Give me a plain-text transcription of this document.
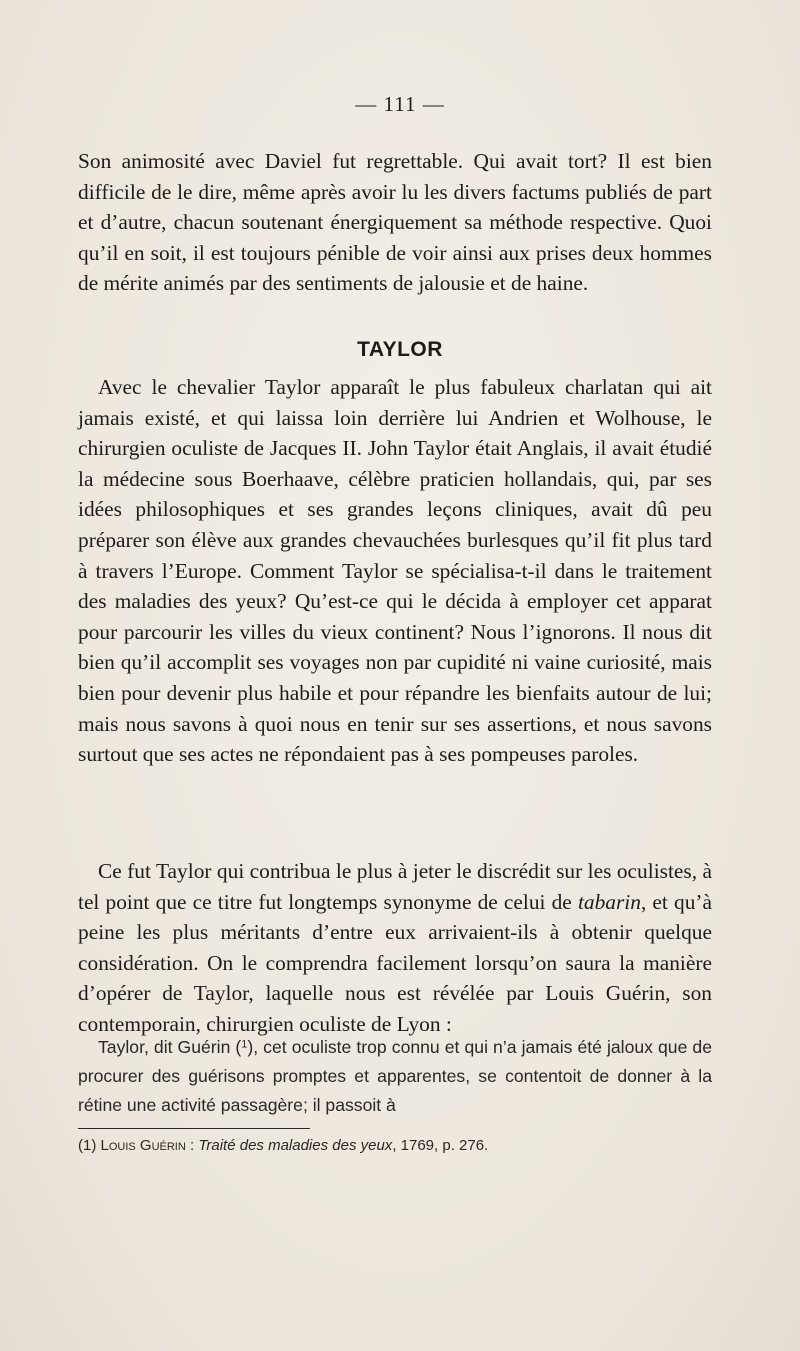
— 111 —

Son animosité avec Daviel fut regrettable. Qui avait tort? Il est bien difficile de le dire, même après avoir lu les divers factums publiés de part et d’autre, chacun soutenant énergiquement sa méthode respective. Quoi qu’il en soit, il est toujours pénible de voir ainsi aux prises deux hommes de mérite animés par des sentiments de jalousie et de haine.

TAYLOR

Avec le chevalier Taylor apparaît le plus fabuleux charlatan qui ait jamais existé, et qui laissa loin derrière lui Andrien et Wolhouse, le chirurgien oculiste de Jacques II. John Taylor était Anglais, il avait étudié la médecine sous Boerhaave, célèbre praticien hollandais, qui, par ses idées philosophiques et ses grandes leçons cliniques, avait dû peu préparer son élève aux grandes chevauchées burlesques qu’il fit plus tard à travers l’Europe. Comment Taylor se spécialisa-t-il dans le traitement des maladies des yeux? Qu’est-ce qui le décida à employer cet apparat pour parcourir les villes du vieux continent? Nous l’ignorons. Il nous dit bien qu’il accomplit ses voyages non par cupidité ni vaine curiosité, mais bien pour devenir plus habile et pour répandre les bienfaits autour de lui; mais nous savons à quoi nous en tenir sur ses assertions, et nous savons surtout que ses actes ne répondaient pas à ses pompeuses paroles.

Ce fut Taylor qui contribua le plus à jeter le discrédit sur les oculistes, à tel point que ce titre fut longtemps synonyme de celui de tabarin, et qu’à peine les plus méritants d’entre eux arrivaient-ils à obtenir quelque considération. On le comprendra facilement lorsqu’on saura la manière d’opérer de Taylor, laquelle nous est révélée par Louis Guérin, son contemporain, chirurgien oculiste de Lyon :

Taylor, dit Guérin ($^1$), cet oculiste trop connu et qui n’a jamais été jaloux que de procurer des guérisons promptes et apparentes, se contentoit de donner à la rétine une activité passagère; il passoit à

(1) Louis Guérin : Traité des maladies des yeux, 1769, p. 276.
